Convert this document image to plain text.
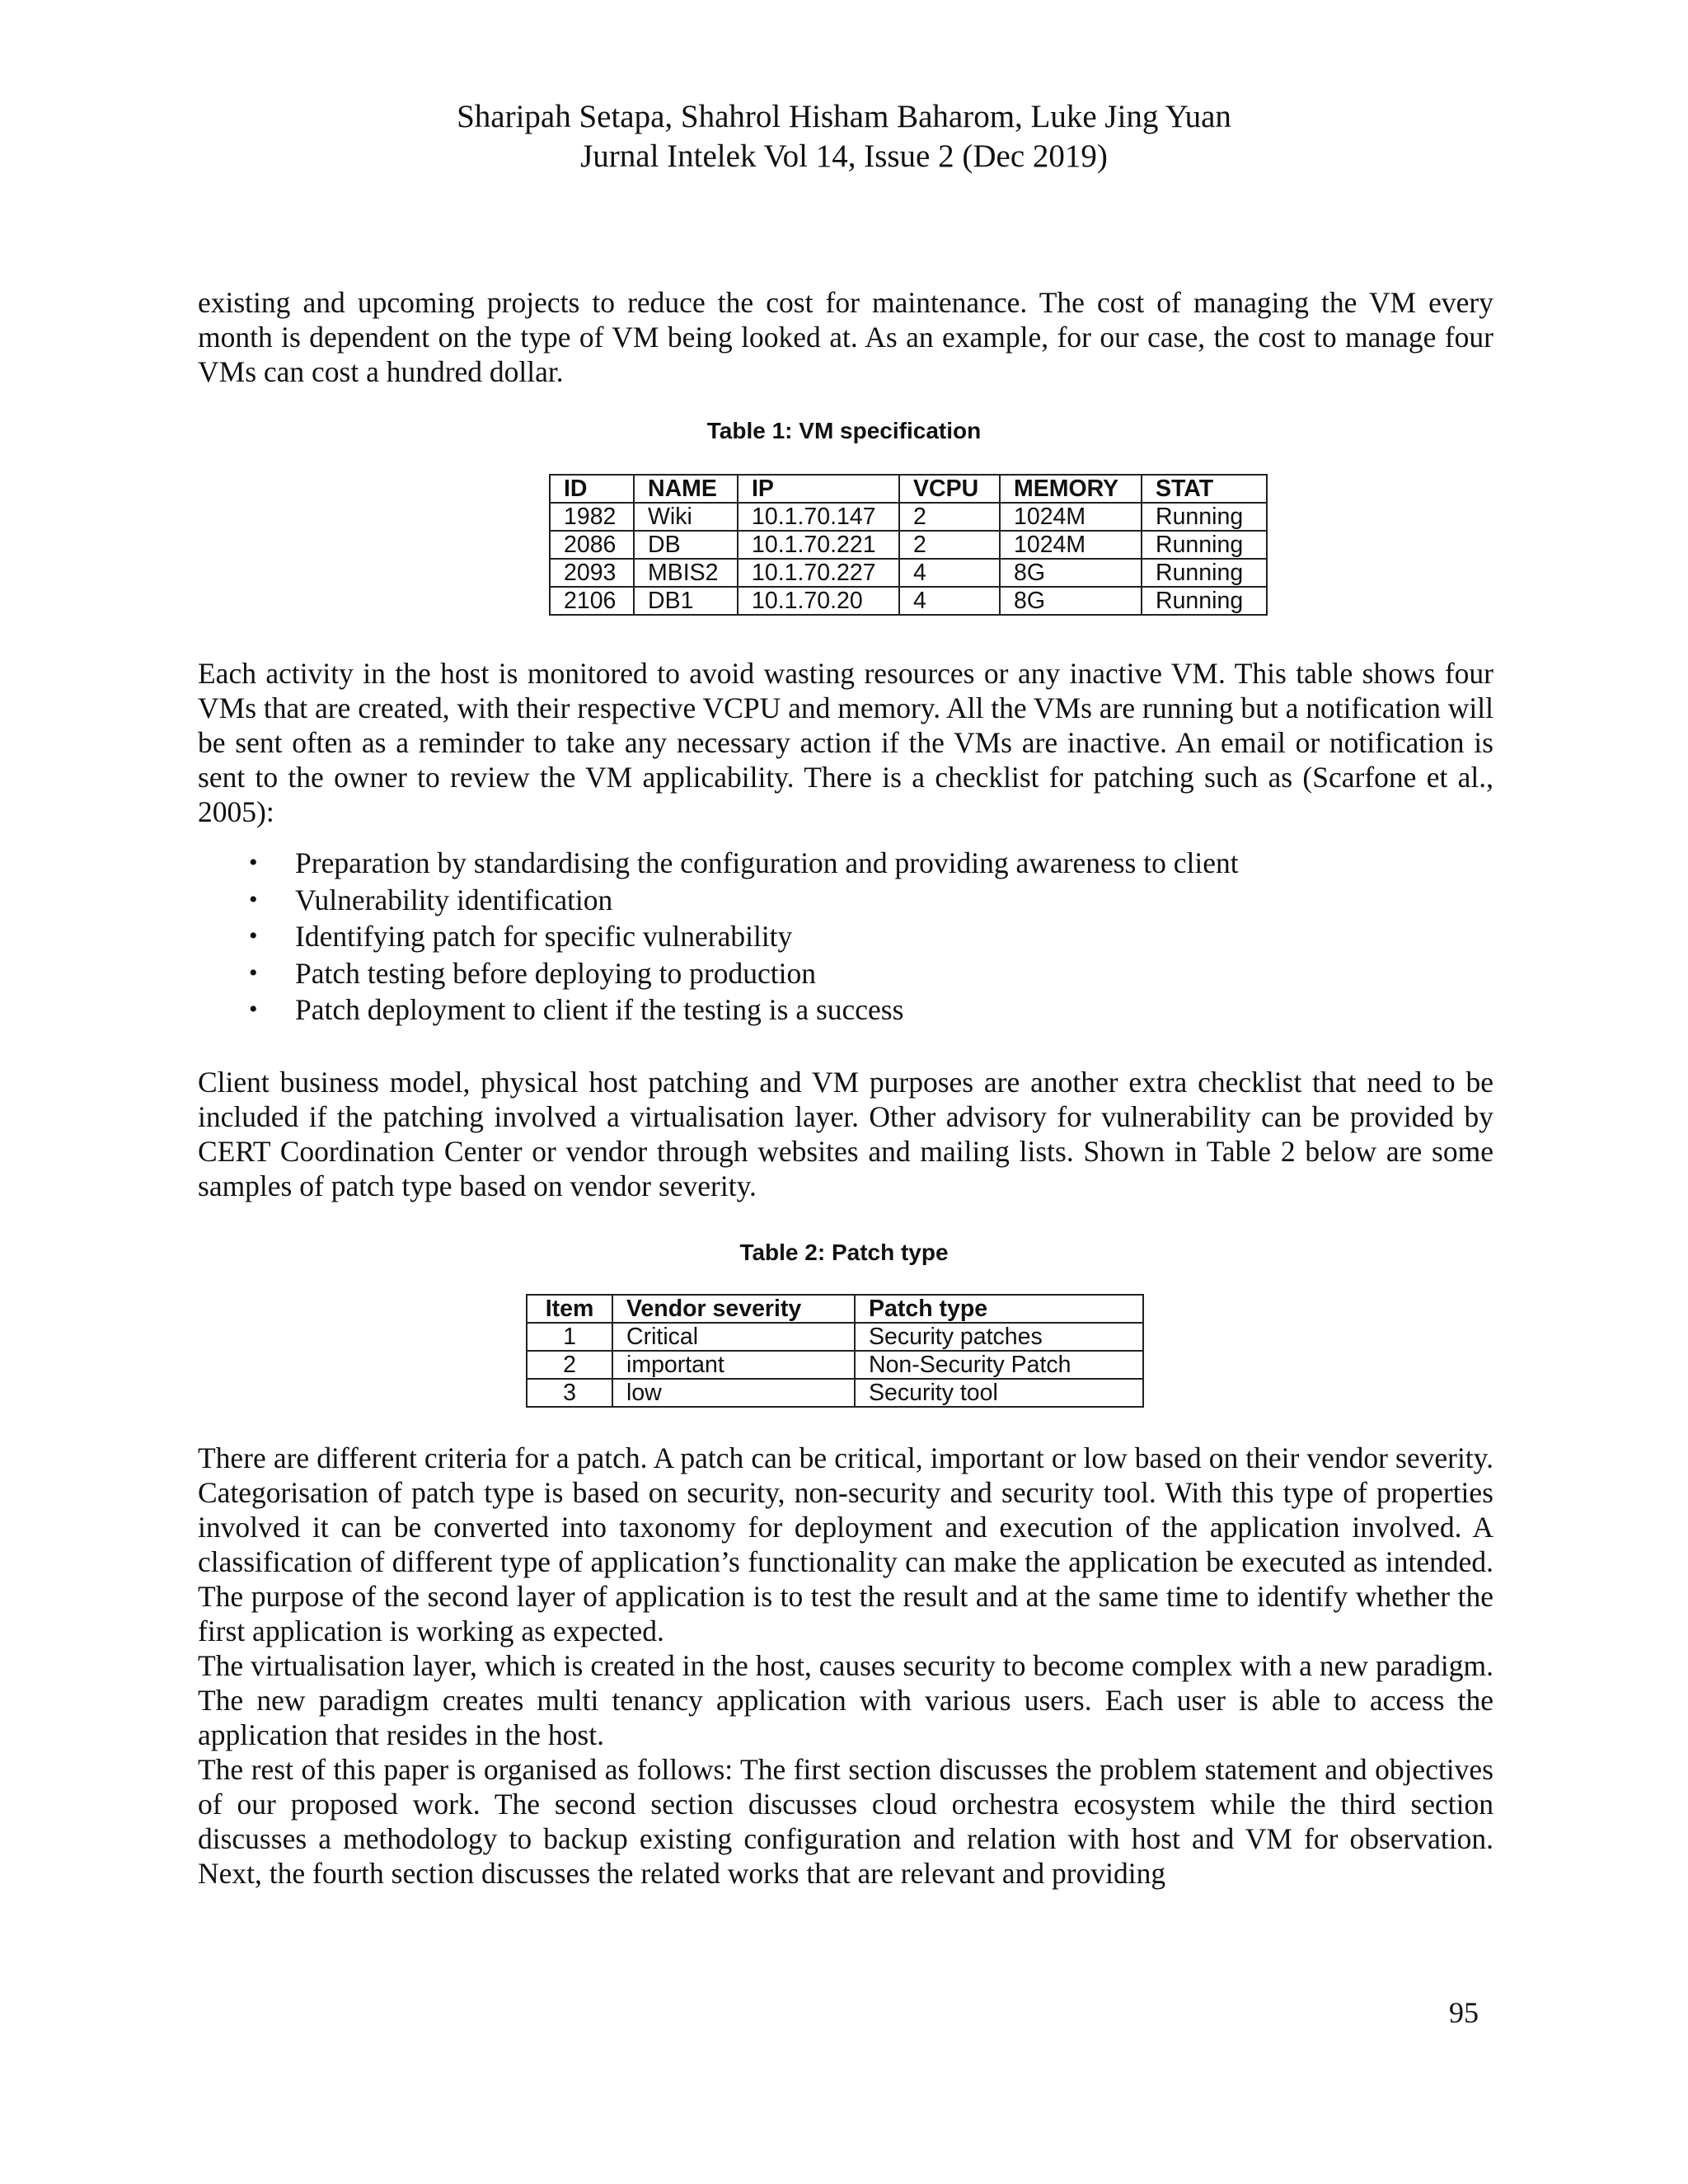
Sharipah Setapa, Shahrol Hisham Baharom, Luke Jing Yuan
Jurnal Intelek Vol 14, Issue 2 (Dec 2019)

existing and upcoming projects to reduce the cost for maintenance. The cost of managing the VM every month is dependent on the type of VM being looked at. As an example, for our case, the cost to manage four VMs can cost a hundred dollar.

Table 1: VM specification
ID	NAME	IP	VCPU	MEMORY	STAT
1982	Wiki	10.1.70.147	2	1024M	Running
2086	DB	10.1.70.221	2	1024M	Running
2093	MBIS2	10.1.70.227	4	8G	Running
2106	DB1	10.1.70.20	4	8G	Running

Each activity in the host is monitored to avoid wasting resources or any inactive VM. This table shows four VMs that are created, with their respective VCPU and memory. All the VMs are running but a notification will be sent often as a reminder to take any necessary action if the VMs are inactive. An email or notification is sent to the owner to review the VM applicability. There is a checklist for patching such as (Scarfone et al., 2005):

• Preparation by standardising the configuration and providing awareness to client
• Vulnerability identification
• Identifying patch for specific vulnerability
• Patch testing before deploying to production
• Patch deployment to client if the testing is a success

Client business model, physical host patching and VM purposes are another extra checklist that need to be included if the patching involved a virtualisation layer. Other advisory for vulnerability can be provided by CERT Coordination Center or vendor through websites and mailing lists. Shown in Table 2 below are some samples of patch type based on vendor severity.

Table 2: Patch type
Item	Vendor severity	Patch type
1	Critical	Security patches
2	important	Non-Security Patch
3	low	Security tool

There are different criteria for a patch. A patch can be critical, important or low based on their vendor severity. Categorisation of patch type is based on security, non-security and security tool. With this type of properties involved it can be converted into taxonomy for deployment and execution of the application involved. A classification of different type of application’s functionality can make the application be executed as intended. The purpose of the second layer of application is to test the result and at the same time to identify whether the first application is working as expected.

The virtualisation layer, which is created in the host, causes security to become complex with a new paradigm. The new paradigm creates multi tenancy application with various users. Each user is able to access the application that resides in the host.

The rest of this paper is organised as follows: The first section discusses the problem statement and objectives of our proposed work. The second section discusses cloud orchestra ecosystem while the third section discusses a methodology to backup existing configuration and relation with host and VM for observation. Next, the fourth section discusses the related works that are relevant and providing

95
